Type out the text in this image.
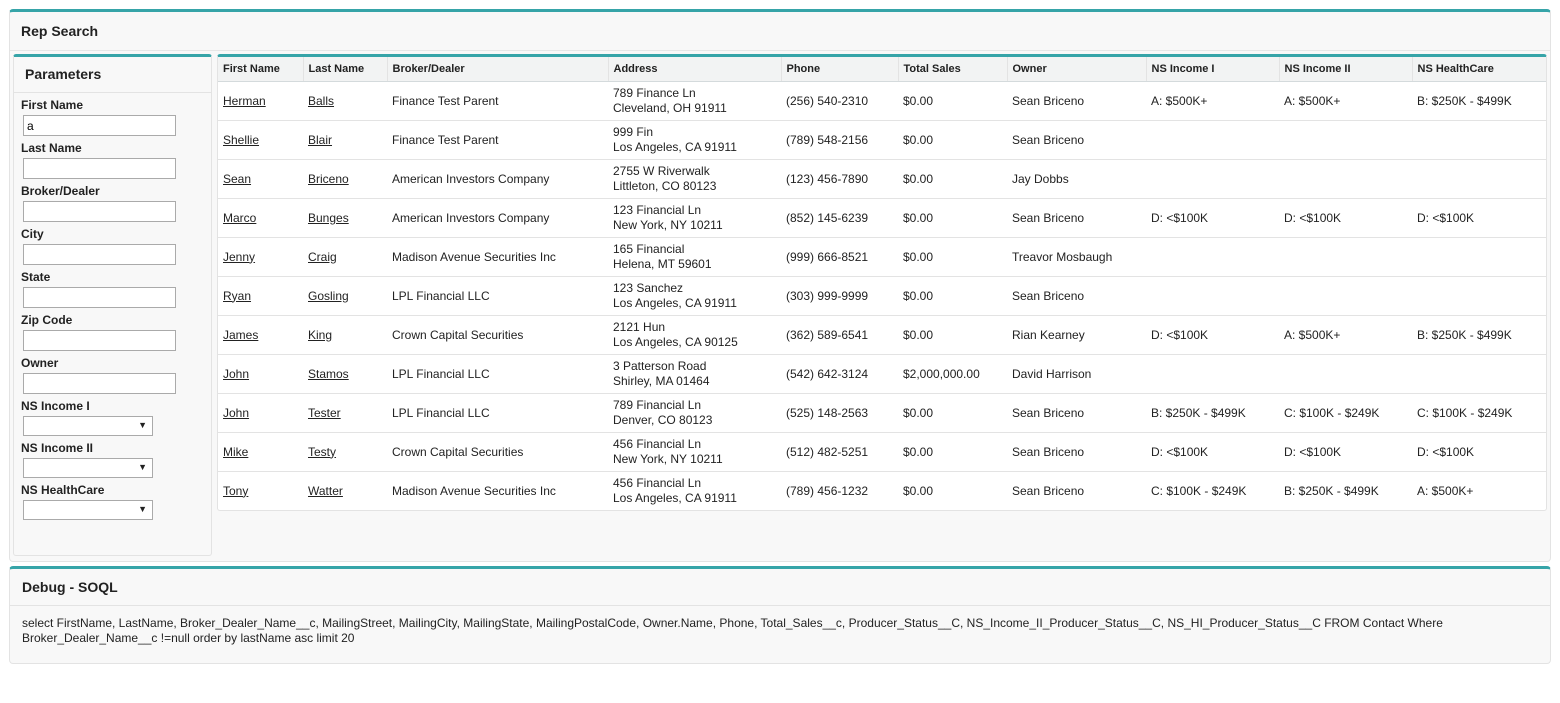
Rep Search
Parameters
First Name
a
Last Name
Broker/Dealer
City
State
Zip Code
Owner
NS Income I
▼
NS Income II
▼
NS HealthCare
▼
First Name	Last Name	Broker/Dealer	Address	Phone	Total Sales	Owner	NS Income I	NS Income II	NS HealthCare
Herman	Balls	Finance Test Parent	789 Finance Ln
Cleveland, OH 91911	(256) 540-2310	$0.00	Sean Briceno	A: $500K+	A: $500K+	B: $250K - $499K
Shellie	Blair	Finance Test Parent	999 Fin
Los Angeles, CA 91911	(789) 548-2156	$0.00	Sean Briceno			
Sean	Briceno	American Investors Company	2755 W Riverwalk
Littleton, CO 80123	(123) 456-7890	$0.00	Jay Dobbs			
Marco	Bunges	American Investors Company	123 Financial Ln
New York, NY 10211	(852) 145-6239	$0.00	Sean Briceno	D: <$100K	D: <$100K	D: <$100K
Jenny	Craig	Madison Avenue Securities Inc	165 Financial
Helena, MT 59601	(999) 666-8521	$0.00	Treavor Mosbaugh			
Ryan	Gosling	LPL Financial LLC	123 Sanchez
Los Angeles, CA 91911	(303) 999-9999	$0.00	Sean Briceno			
James	King	Crown Capital Securities	2121 Hun
Los Angeles, CA 90125	(362) 589-6541	$0.00	Rian Kearney	D: <$100K	A: $500K+	B: $250K - $499K
John	Stamos	LPL Financial LLC	3 Patterson Road
Shirley, MA 01464	(542) 642-3124	$2,000,000.00	David Harrison			
John	Tester	LPL Financial LLC	789 Financial Ln
Denver, CO 80123	(525) 148-2563	$0.00	Sean Briceno	B: $250K - $499K	C: $100K - $249K	C: $100K - $249K
Mike	Testy	Crown Capital Securities	456 Financial Ln
New York, NY 10211	(512) 482-5251	$0.00	Sean Briceno	D: <$100K	D: <$100K	D: <$100K
Tony	Watter	Madison Avenue Securities Inc	456 Financial Ln
Los Angeles, CA 91911	(789) 456-1232	$0.00	Sean Briceno	C: $100K - $249K	B: $250K - $499K	A: $500K+
Debug - SOQL
select FirstName, LastName, Broker_Dealer_Name__c, MailingStreet, MailingCity, MailingState, MailingPostalCode, Owner.Name, Phone, Total_Sales__c, Producer_Status__C, NS_Income_II_Producer_Status__C, NS_HI_Producer_Status__C FROM Contact Where Broker_Dealer_Name__c !=null order by lastName asc limit 20
